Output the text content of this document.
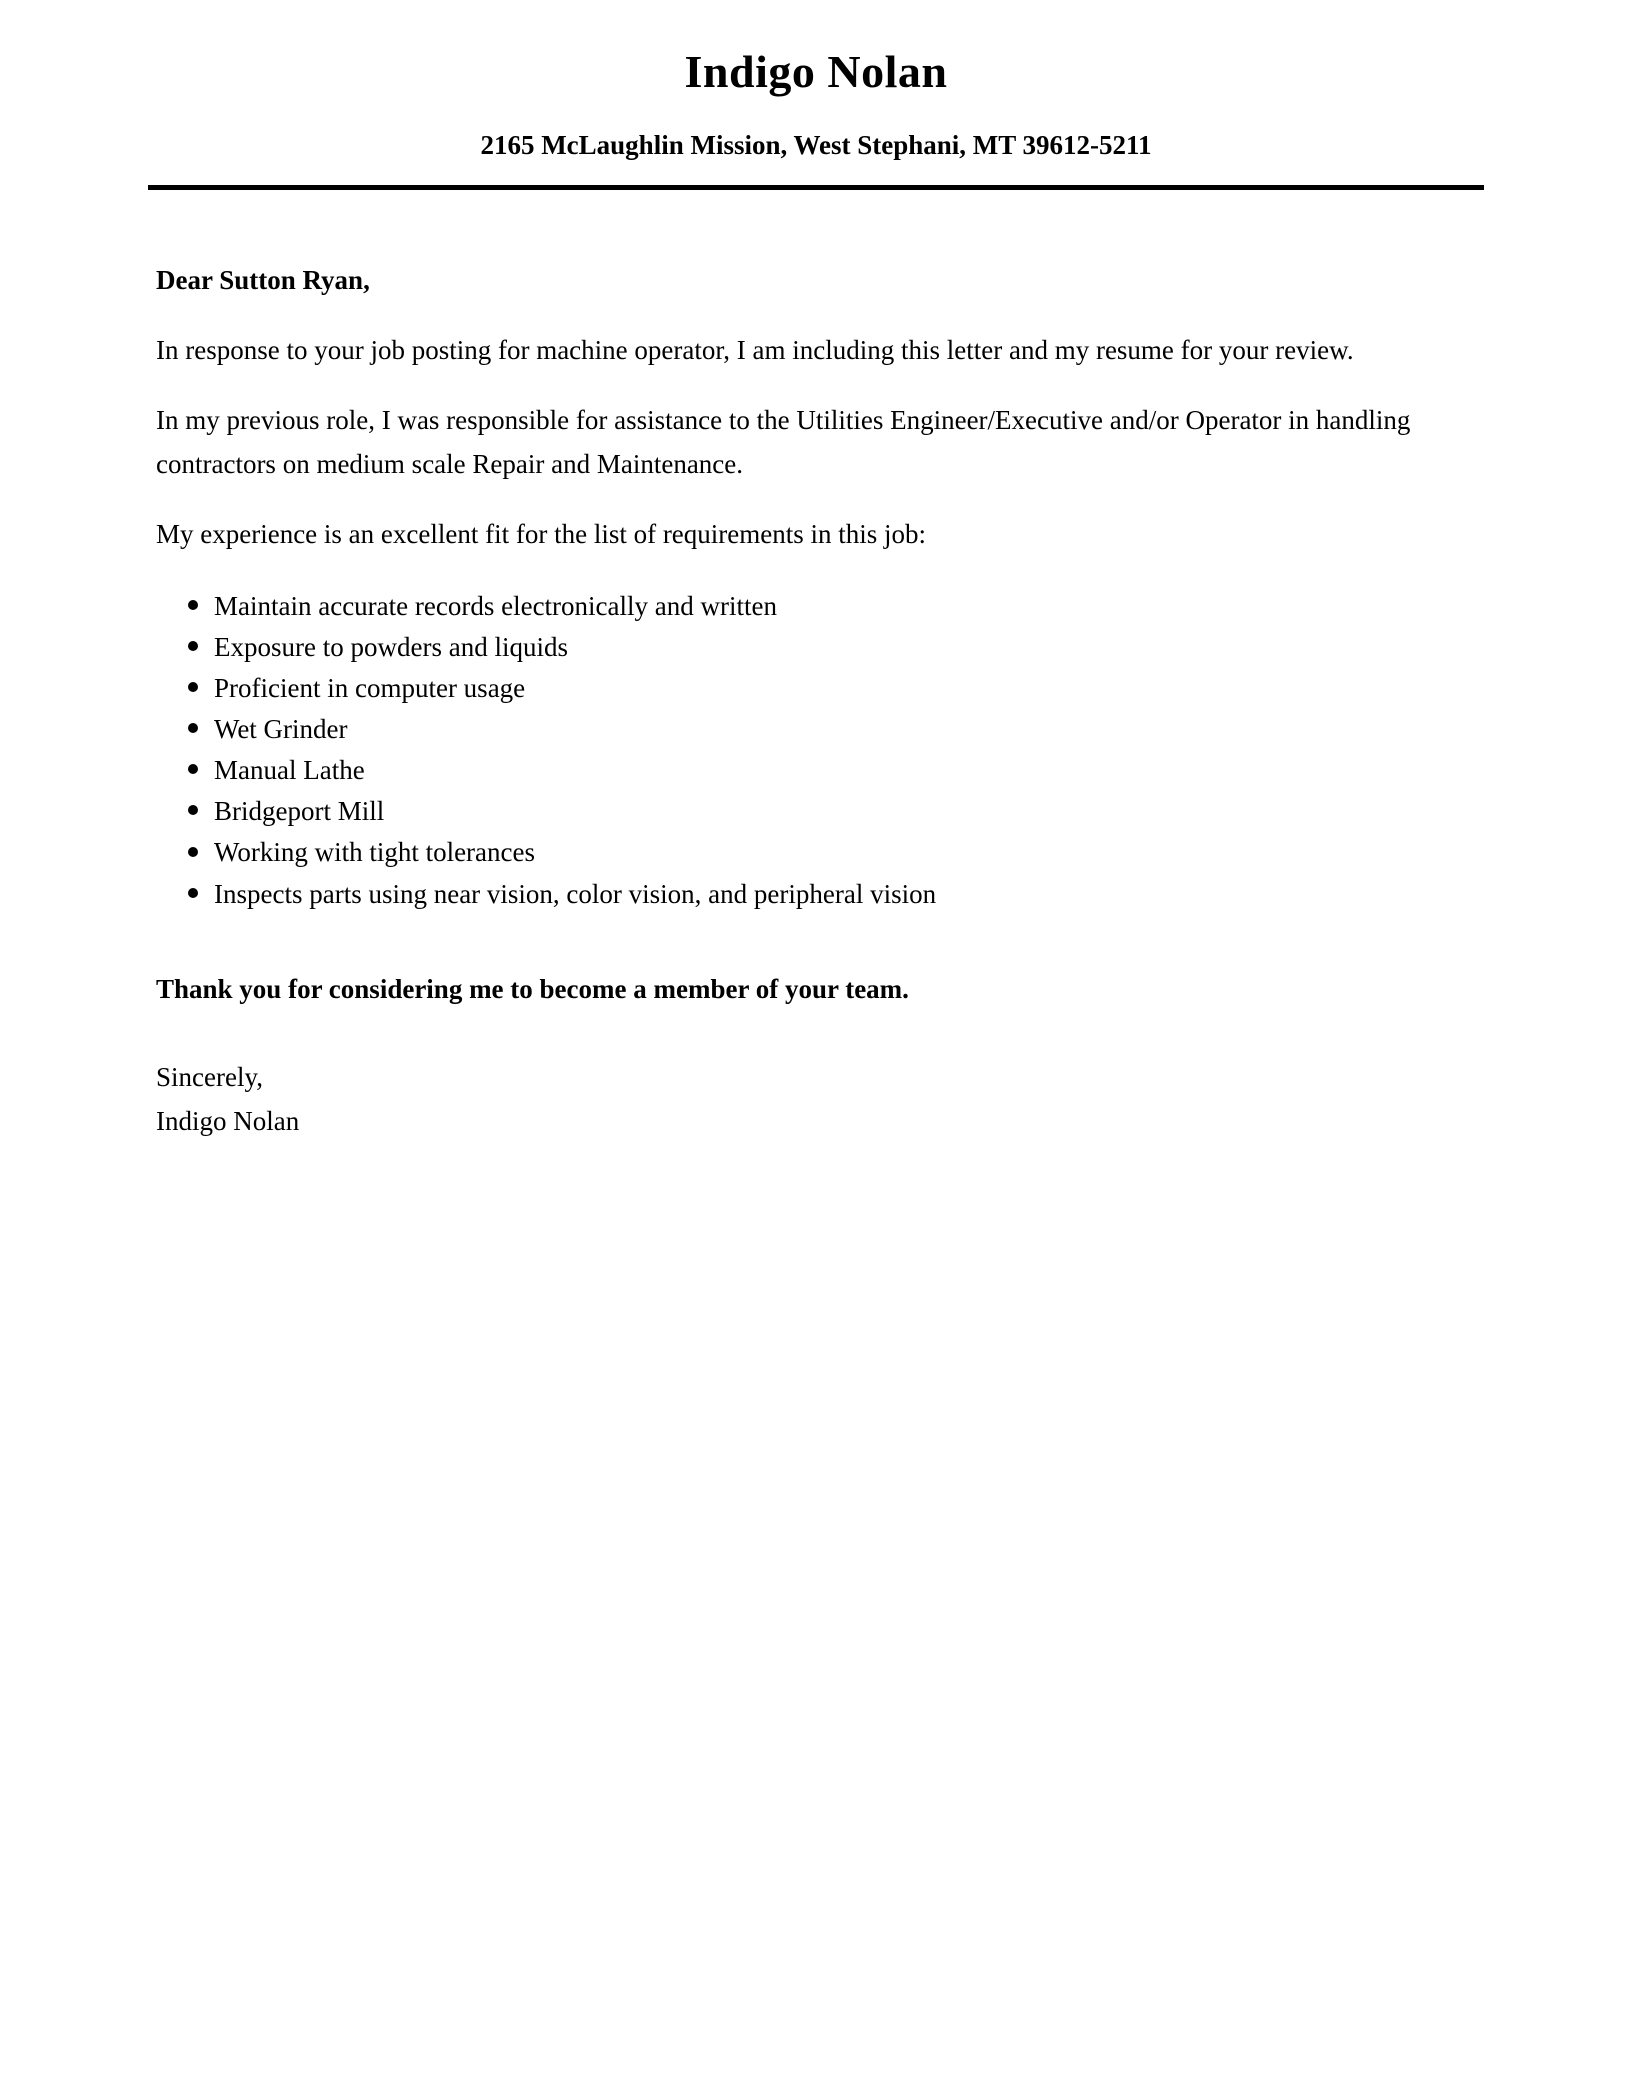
Indigo Nolan

2165 McLaughlin Mission, West Stephani, MT 39612-5211

Dear Sutton Ryan,

In response to your job posting for machine operator, I am including this letter and my resume for your review.

In my previous role, I was responsible for assistance to the Utilities Engineer/Executive and/or Operator in handling contractors on medium scale Repair and Maintenance.

My experience is an excellent fit for the list of requirements in this job:

Maintain accurate records electronically and written
Exposure to powders and liquids
Proficient in computer usage
Wet Grinder
Manual Lathe
Bridgeport Mill
Working with tight tolerances
Inspects parts using near vision, color vision, and peripheral vision

Thank you for considering me to become a member of your team.

Sincerely,

Indigo Nolan
